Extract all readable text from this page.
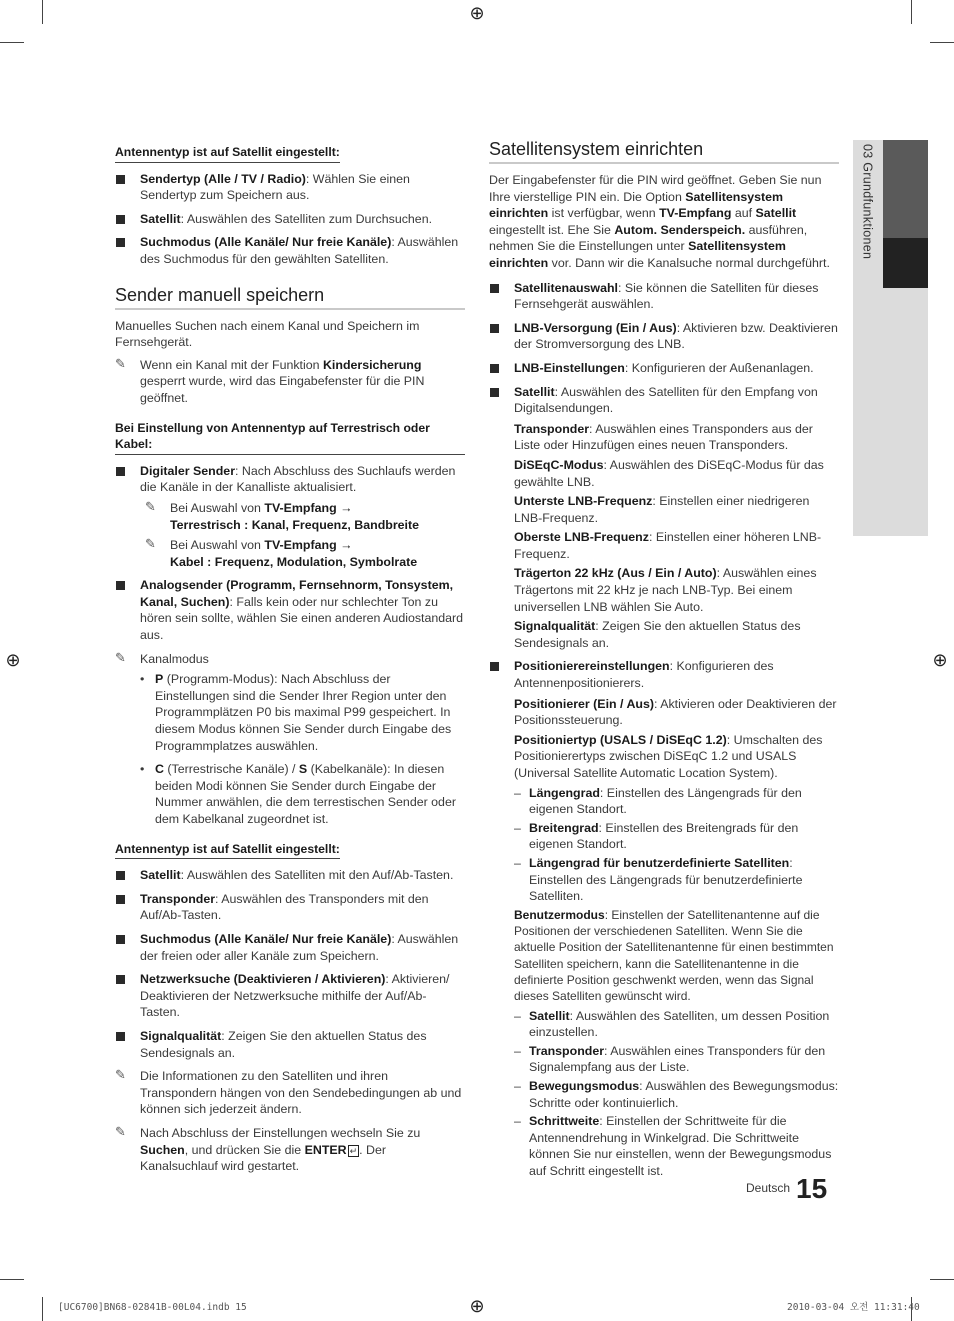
⊕
⊕	⊕
⊕
03 Grundfunktionen
Antennentyp ist auf Satellit eingestellt:
Sendertyp (Alle / TV / Radio): Wählen Sie einen Sendertyp zum Speichern aus.
Satellit: Auswählen des Satelliten zum Durchsuchen.
Suchmodus (Alle Kanäle/ Nur freie Kanäle): Auswählen des Suchmodus für den gewählten Satelliten.
Sender manuell speichern

Manuelles Suchen nach einem Kanal und Speichern im Fernsehgerät.

✎ Wenn ein Kanal mit der Funktion Kindersicherung gesperrt wurde, wird das Eingabefenster für die PIN geöffnet.
Bei Einstellung von Antennentyp auf Terrestrisch oder Kabel:
Digitaler Sender: Nach Abschluss des Suchlaufs werden die Kanäle in der Kanalliste aktualisiert.
✎ Bei Auswahl von TV-Empfang →
Terrestrisch : Kanal, Frequenz, Bandbreite
✎ Bei Auswahl von TV-Empfang →
Kabel : Frequenz, Modulation, Symbolrate
Analogsender (Programm, Fernsehnorm, Tonsystem, Kanal, Suchen): Falls kein oder nur schlechter Ton zu hören sein sollte, wählen Sie einen anderen Audiostandard aus.
✎ Kanalmodus
• P (Programm-Modus): Nach Abschluss der Einstellungen sind die Sender Ihrer Region unter den Programmplätzen P0 bis maximal P99 gespeichert. In diesem Modus können Sie Sender durch Eingabe des Programmplatzes auswählen.
• C (Terrestrische Kanäle) / S (Kabelkanäle): In diesen beiden Modi können Sie Sender durch Eingabe der Nummer anwählen, die dem terrestischen Sender oder dem Kabelkanal zugeordnet ist.
Antennentyp ist auf Satellit eingestellt:
Satellit: Auswählen des Satelliten mit den Auf/Ab-Tasten.
Transponder: Auswählen des Transponders mit den Auf/Ab-Tasten.
Suchmodus (Alle Kanäle/ Nur freie Kanäle): Auswählen der freien oder aller Kanäle zum Speichern.
Netzwerksuche (Deaktivieren / Aktivieren): Aktivieren/ Deaktivieren der Netzwerksuche mithilfe der Auf/Ab-Tasten.
Signalqualität: Zeigen Sie den aktuellen Status des Sendesignals an.
✎ Die Informationen zu den Satelliten und ihren Transpondern hängen von den Sendebedingungen ab und können sich jederzeit ändern.
✎ Nach Abschluss der Einstellungen wechseln Sie zu Suchen, und drücken Sie die ENTER ↵ . Der Kanalsuchlauf wird gestartet.
Satellitensystem einrichten

Der Eingabefenster für die PIN wird geöffnet. Geben Sie nun Ihre vierstellige PIN ein. Die Option Satellitensystem einrichten ist verfügbar, wenn TV-Empfang auf Satellit eingestellt ist. Ehe Sie Autom. Senderspeich. ausführen, nehmen Sie die Einstellungen unter Satellitensystem einrichten vor. Dann wir die Kanalsuche normal durchgeführt.

Satellitenauswahl: Sie können die Satelliten für dieses Fernsehgerät auswählen.
LNB-Versorgung (Ein / Aus): Aktivieren bzw. Deaktivieren der Stromversorgung des LNB.
LNB-Einstellungen: Konfigurieren der Außenanlagen.
Satellit: Auswählen des Satelliten für den Empfang von Digitalsendungen.
Transponder: Auswählen eines Transponders aus der Liste oder Hinzufügen eines neuen Transponders.
DiSEqC-Modus: Auswählen des DiSEqC-Modus für das gewählte LNB.
Unterste LNB-Frequenz: Einstellen einer niedrigeren LNB-Frequenz.
Oberste LNB-Frequenz: Einstellen einer höheren LNB-Frequenz.
Trägerton 22 kHz (Aus / Ein / Auto): Auswählen eines Trägertons mit 22 kHz je nach LNB-Typ. Bei einem universellen LNB wählen Sie Auto.
Signalqualität: Zeigen Sie den aktuellen Status des Sendesignals an.
Positionierereinstellungen: Konfigurieren des Antennenpositionierers.
Positionierer (Ein / Aus): Aktivieren oder Deaktivieren der Positionssteuerung.
Positioniertyp (USALS / DiSEqC 1.2): Umschalten des Positionierertyps zwischen DiSEqC 1.2 und USALS (Universal Satellite Automatic Location System).
– Längengrad: Einstellen des Längengrads für den eigenen Standort.
– Breitengrad: Einstellen des Breitengrads für den eigenen Standort.
– Längengrad für benutzerdefinierte Satelliten: Einstellen des Längengrads für benutzerdefinierte Satelliten.
Benutzermodus: Einstellen der Satellitenantenne auf die Positionen der verschiedenen Satelliten. Wenn Sie die aktuelle Position der Satellitenantenne für einen bestimmten Satelliten speichern, kann die Satellitenantenne in die definierte Position geschwenkt werden, wenn das Signal dieses Satelliten gewünscht wird.
– Satellit: Auswählen des Satelliten, um dessen Position einzustellen.
– Transponder: Auswählen eines Transponders für den Signalempfang aus der Liste.
– Bewegungsmodus: Auswählen des Bewegungsmodus: Schritte oder kontinuierlich.
– Schrittweite: Einstellen der Schrittweite für die Antennendrehung in Winkelgrad. Die Schrittweite können Sie nur einstellen, wenn der Bewegungsmodus auf Schritt eingestellt ist.
Deutsch 15
[UC6700]BN68-02841B-00L04.indb 15	2010-03-04 오전 11:31:40
